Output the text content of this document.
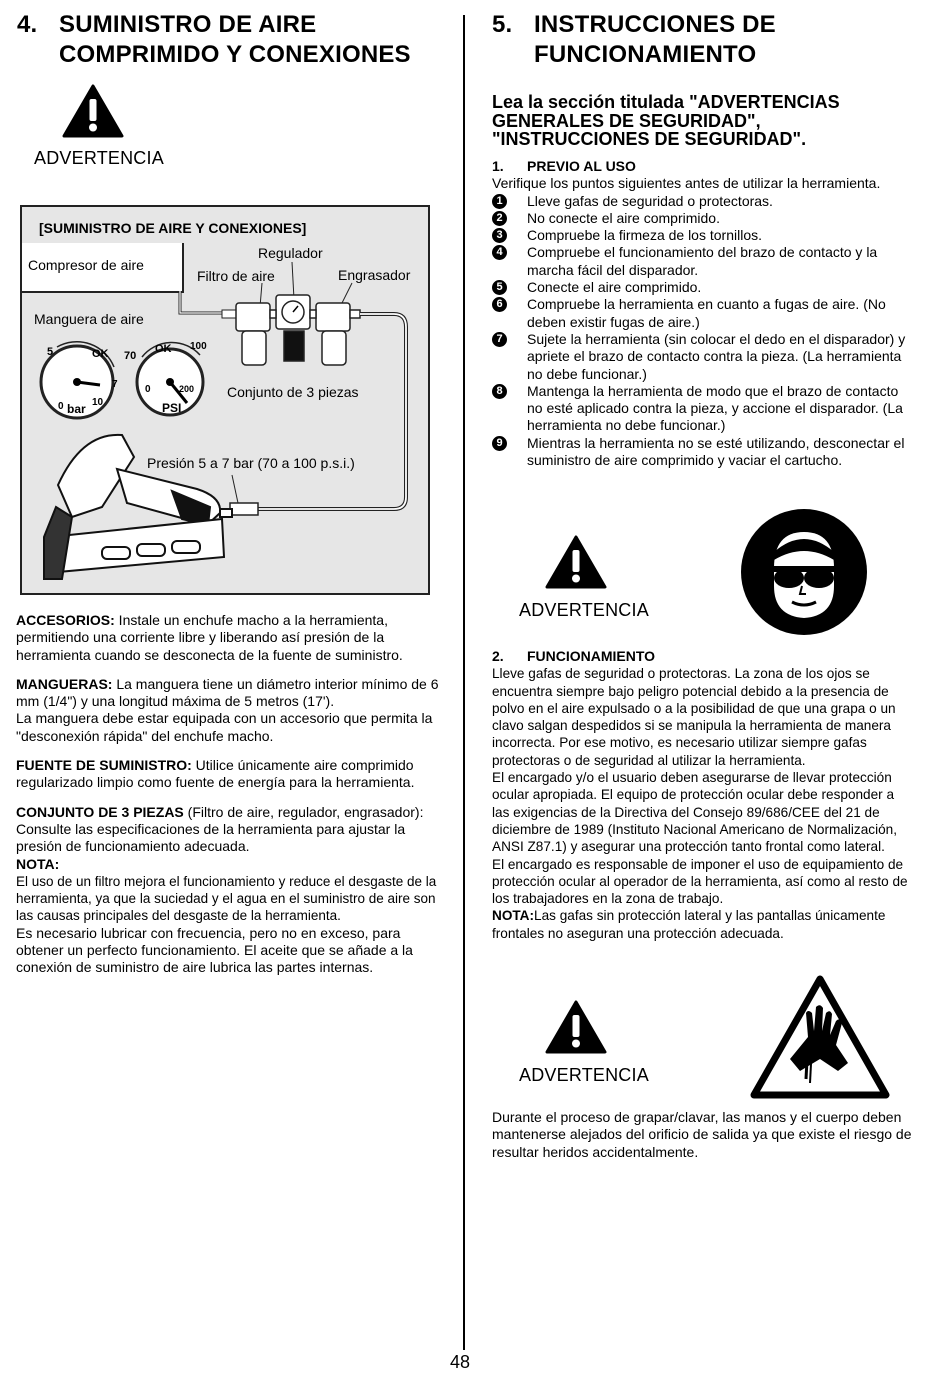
4. SUMINISTRO DE AIRE COMPRIMIDO Y CONEXIONES
ADVERTENCIA
[SUMINISTRO DE AIRE Y CONEXIONES]
Compresor de aire
Regulador
Filtro de aire	Engrasador
Manguera de aire
Conjunto de 3 piezas
Presión 5 a 7 bar (70 a 100 p.s.i.)
5	OK
7
0	10
bar
70
OK 100
0	200
PSI

ACCESORIOS: Instale un enchufe macho a la herramienta, permitiendo una corriente libre y liberando así presión de la herramienta cuando se desconecta de la fuente de suministro.

MANGUERAS: La manguera tiene un diámetro interior mínimo de 6 mm (1/4") y una longitud máxima de 5 metros (17').
La manguera debe estar equipada con un accesorio que permita la "desconexión rápida" del enchufe macho.

FUENTE DE SUMINISTRO: Utilice únicamente aire comprimido regularizado limpio como fuente de energía para la herramienta.

CONJUNTO DE 3 PIEZAS (Filtro de aire, regulador, engrasador): Consulte las especificaciones de la herramienta para ajustar la presión de funcionamiento adecuada.

NOTA:

El uso de un filtro mejora el funcionamiento y reduce el desgaste de la herramienta, ya que la suciedad y el agua en el suministro de aire son las causas principales del desgaste de la herramienta.

Es necesario lubricar con frecuencia, pero no en exceso, para obtener un perfecto funcionamiento. El aceite que se añade a la conexión de suministro de aire lubrica las partes internas.

5. INSTRUCCIONES DE FUNCIONAMIENTO
Lea la sección titulada "ADVERTENCIAS GENERALES DE SEGURIDAD", "INSTRUCCIONES DE SEGURIDAD".
1. PREVIO AL USO
Verifique los puntos siguientes antes de utilizar la herramienta.
1	Lleve gafas de seguridad o protectoras.
2	No conecte el aire comprimido.
3	Compruebe la firmeza de los tornillos.
4	Compruebe el funcionamiento del brazo de contacto y la marcha fácil del disparador.
5	Conecte el aire comprimido.
6	Compruebe la herramienta en cuanto a fugas de aire. (No deben existir fugas de aire.)
7	Sujete la herramienta (sin colocar el dedo en el disparador) y apriete el brazo de contacto contra la pieza. (La herramienta no debe funcionar.)
8	Mantenga la herramienta de modo que el brazo de contacto no esté aplicado contra la pieza, y accione el disparador. (La herramienta no debe funcionar.)
9	Mientras la herramienta no se esté utilizando, desconectar el suministro de aire comprimido y vaciar el cartucho.
ADVERTENCIA
2. FUNCIONAMIENTO
Lleve gafas de seguridad o protectoras. La zona de los ojos se encuentra siempre bajo peligro potencial debido a la presencia de polvo en el aire expulsado o a la posibilidad de que una grapa o un clavo salgan despedidos si se manipula la herramienta de manera incorrecta. Por ese motivo, es necesario utilizar siempre gafas protectoras o de seguridad al utilizar la herramienta.
El encargado y/o el usuario deben asegurarse de llevar protección ocular apropiada. El equipo de protección ocular debe responder a las exigencias de la Directiva del Consejo 89/686/CEE del 21 de diciembre de 1989 (Instituto Nacional Americano de Normalización, ANSI Z87.1) y asegurar una protección tanto frontal como lateral.
El encargado es responsable de imponer el uso de equipamiento de protección ocular al operador de la herramienta, así como al resto de los trabajadores en la zona de trabajo.
NOTA:Las gafas sin protección lateral y las pantallas únicamente frontales no aseguran una protección adecuada.
ADVERTENCIA
Durante el proceso de grapar/clavar, las manos y el cuerpo deben mantenerse alejados del orificio de salida ya que existe el riesgo de resultar heridos accidentalmente.
48
